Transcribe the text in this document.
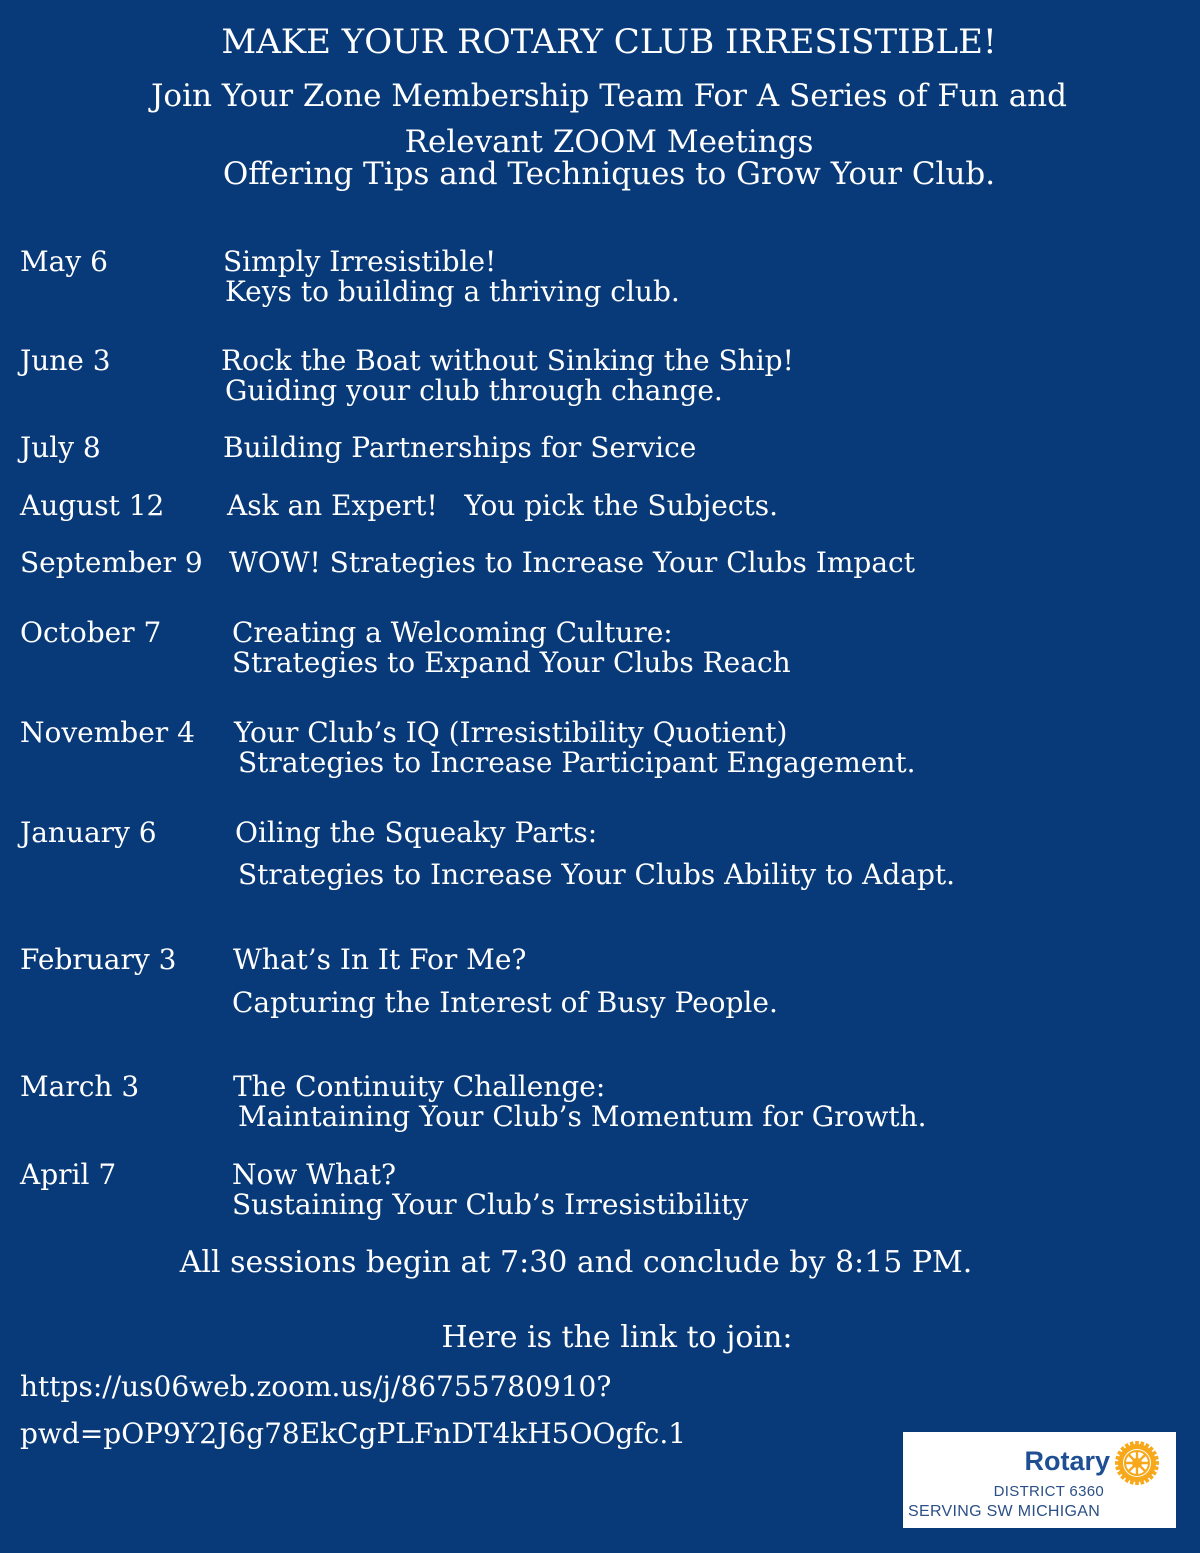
MAKE YOUR ROTARY CLUB IRRESISTIBLE!
Join Your Zone Membership Team For A Series of Fun and
Relevant ZOOM Meetings
Offering Tips and Techniques to Grow Your Club.
May 6	Simply Irresistible!
Keys to building a thriving club.
June 3	Rock the Boat without Sinking the Ship!
Guiding your club through change.
July 8	Building Partnerships for Service
August 12 Ask an Expert!   You pick the Subjects.
September 9 WOW! Strategies to Increase Your Clubs Impact
October 7	Creating a Welcoming Culture:
Strategies to Expand Your Clubs Reach
November 4 Your Club’s IQ (Irresistibility Quotient)
Strategies to Increase Participant Engagement.
January 6	Oiling the Squeaky Parts:
Strategies to Increase Your Clubs Ability to Adapt.
February 3 What’s In It For Me?
Capturing the Interest of Busy People.
March 3	The Continuity Challenge:
Maintaining Your Club’s Momentum for Growth.
April 7	Now What?
Sustaining Your Club’s Irresistibility
All sessions begin at 7:30 and conclude by 8:15 PM.
Here is the link to join:
https://us06web.zoom.us/j/86755780910?
pwd=pOP9Y2J6g78EkCgPLFnDT4kH5OOgfc.1
Rotary
DISTRICT 6360
SERVING SW MICHIGAN
